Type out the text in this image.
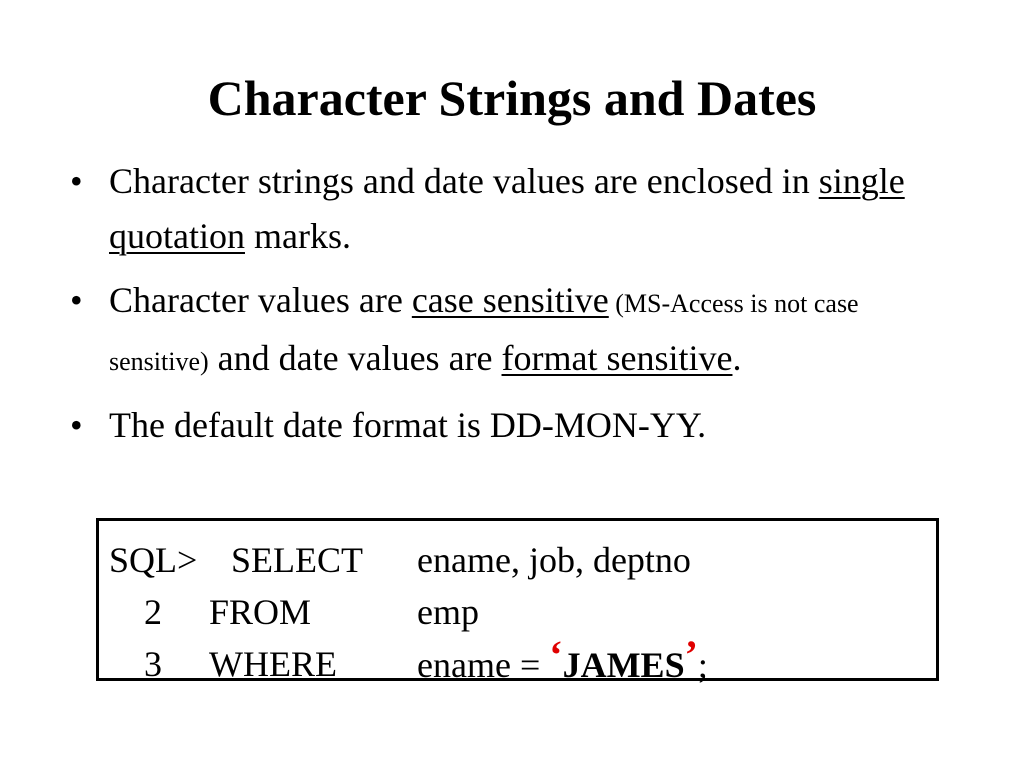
Character Strings and Dates
• Character strings and date values are enclosed in single quotation marks.
• Character values are case sensitive (MS-Access is not case sensitive) and date values are format sensitive.
• The default date format is DD-MON-YY.
SQL> SELECT ename, job, deptno
2 FROM	emp
3 WHERE ename = ‘JAMES’;
